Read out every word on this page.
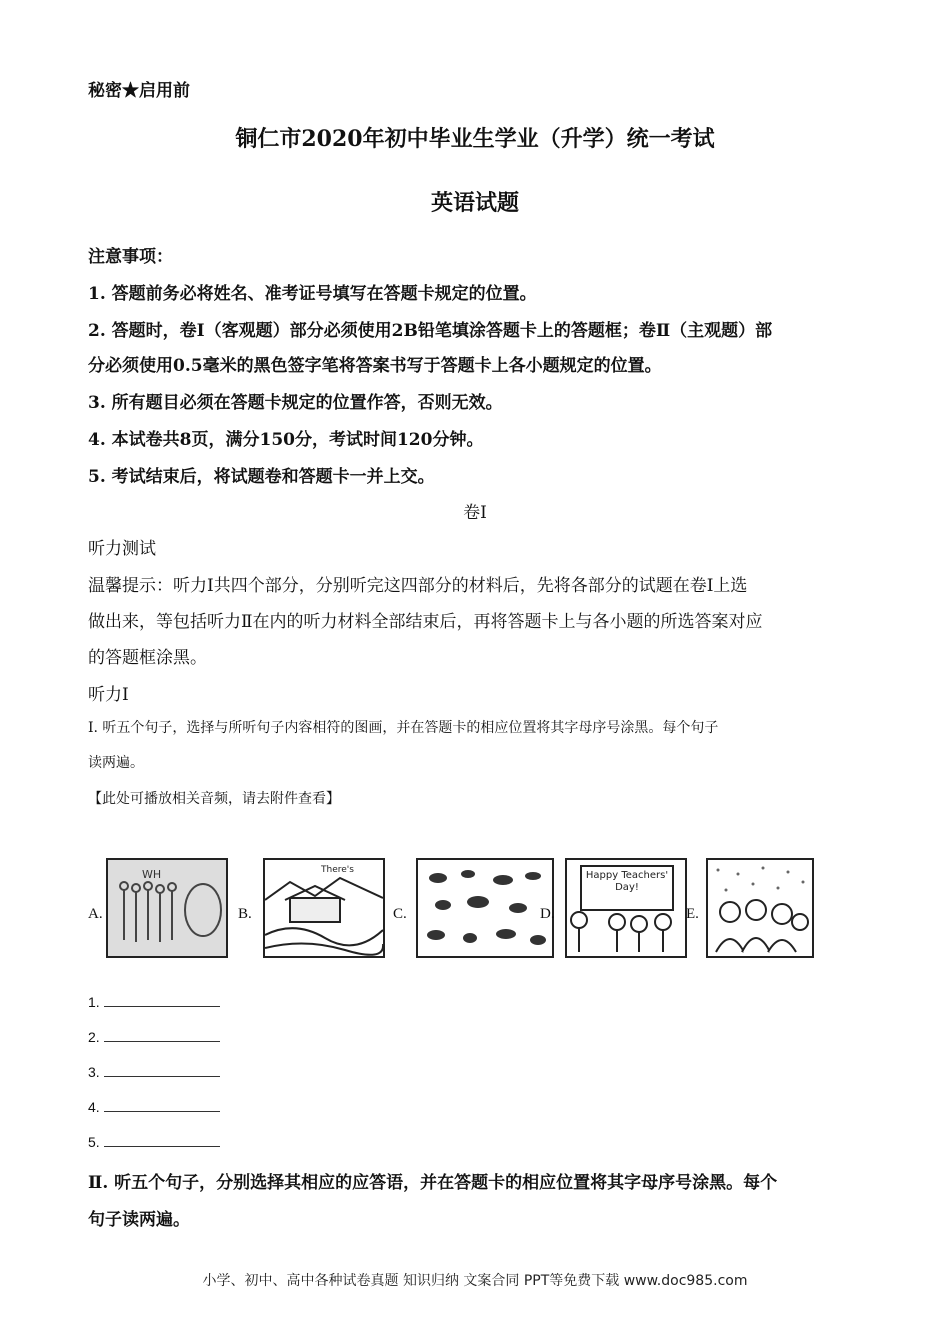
秘密★启用前
铜仁市2020年初中毕业生学业（升学）统一考试
英语试题
注意事项：
1. 答题前务必将姓名、准考证号填写在答题卡规定的位置。
2. 答题时，卷Ⅰ（客观题）部分必须使用2B铅笔填涂答题卡上的答题框；卷Ⅱ（主观题）部
分必须使用0.5毫米的黑色签字笔将答案书写于答题卡上各小题规定的位置。
3. 所有题目必须在答题卡规定的位置作答，否则无效。
4. 本试卷共8页，满分150分，考试时间120分钟。
5. 考试结束后，将试题卷和答题卡一并上交。
卷Ⅰ
听力测试
温馨提示：听力Ⅰ共四个部分，分别听完这四部分的材料后，先将各部分的试题在卷Ⅰ上选
做出来，等包括听力Ⅱ在内的听力材料全部结束后，再将答题卡上与各小题的所选答案对应
的答题框涂黑。
听力Ⅰ
Ⅰ. 听五个句子，选择与所听句子内容相符的图画，并在答题卡的相应位置将其字母序号涂黑。每个句子
读两遍。
【此处可播放相关音频，请去附件查看】
A.
WH
B.
There's
C.	D.
Happy Teachers' Day!
E.
1.
2.
3.
4.
5.
Ⅱ. 听五个句子，分别选择其相应的应答语，并在答题卡的相应位置将其字母序号涂黑。每个
句子读两遍。
小学、初中、高中各种试卷真题 知识归纳 文案合同 PPT等免费下载 www.doc985.com
